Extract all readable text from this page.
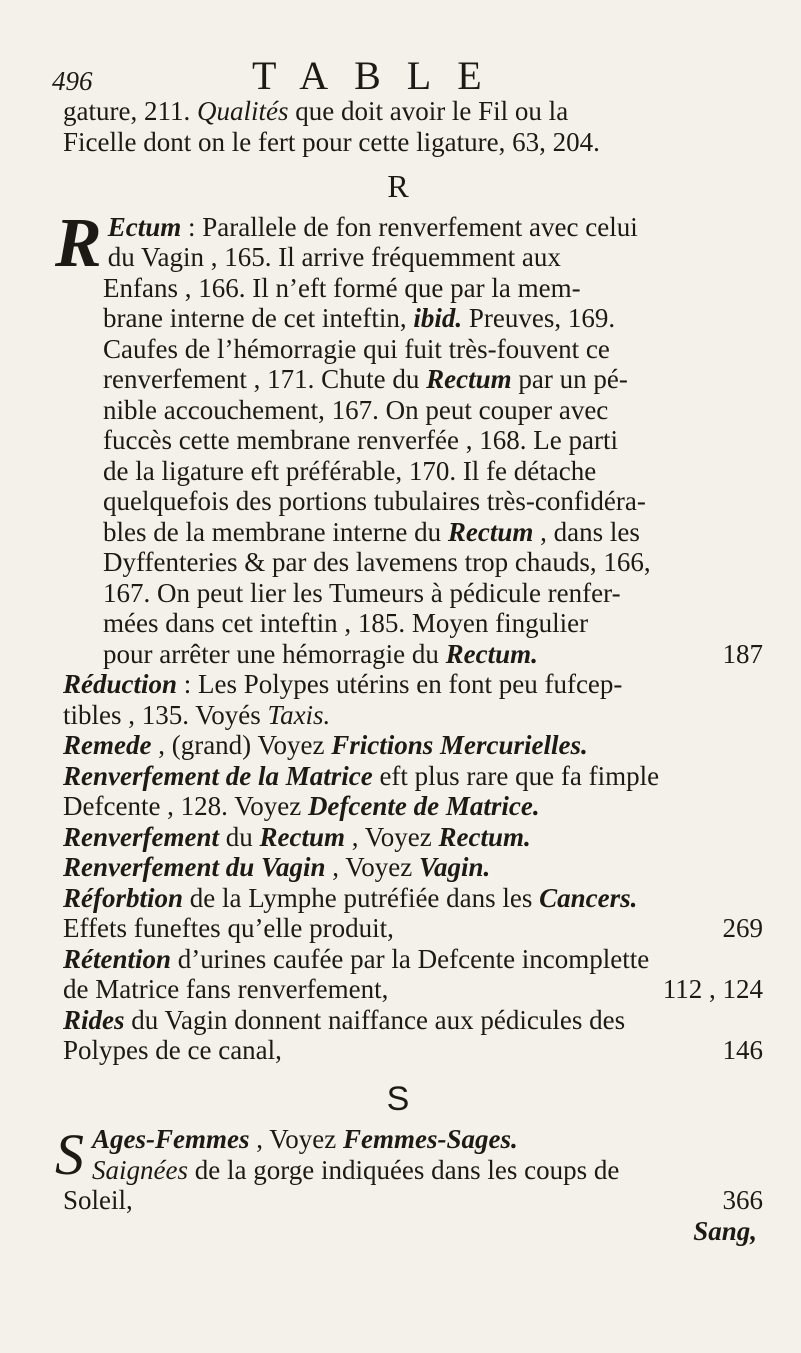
496	TABLE

gature, 211. Qualités que doit avoir le Fil ou la
Ficelle dont on le fert pour cette ligature, 63, 204.

R
R Ectum : Parallele de fon renverfement avec celui
du Vagin , 165. Il arrive fréquemment aux
Enfans , 166. Il n’eft formé que par la mem-
brane interne de cet inteftin, ibid. Preuves, 169.
Caufes de l’hémorragie qui fuit très-fouvent ce
renverfement , 171. Chute du Rectum par un pé-
nible accouchement, 167. On peut couper avec
fuccès cette membrane renverfée , 168. Le parti
de la ligature eft préférable, 170. Il fe détache
quelquefois des portions tubulaires très-confidéra-
bles de la membrane interne du Rectum , dans les
Dyffenteries & par des lavemens trop chauds, 166,
167. On peut lier les Tumeurs à pédicule renfer-
mées dans cet inteftin , 185. Moyen fingulier
pour arrêter une hémorragie du Rectum.	187

Réduction : Les Polypes utérins en font peu fufcep-
tibles , 135. Voyés Taxis.

Remede , (grand) Voyez Frictions Mercurielles.

Renverfement de la Matrice eft plus rare que fa fimple
Defcente , 128. Voyez Defcente de Matrice.

Renverfement du Rectum , Voyez Rectum.

Renverfement du Vagin , Voyez Vagin.

Réforbtion de la Lymphe putréfiée dans les Cancers.
Effets funeftes qu’elle produit,	269

Rétention d’urines caufée par la Defcente incomplette
de Matrice fans renverfement,	112 , 124

Rides du Vagin donnent naiffance aux pédicules des
Polypes de ce canal,	146

S
S Ages-Femmes , Voyez Femmes-Sages.
Saignées de la gorge indiquées dans les coups de
Soleil,	366
Sang,
